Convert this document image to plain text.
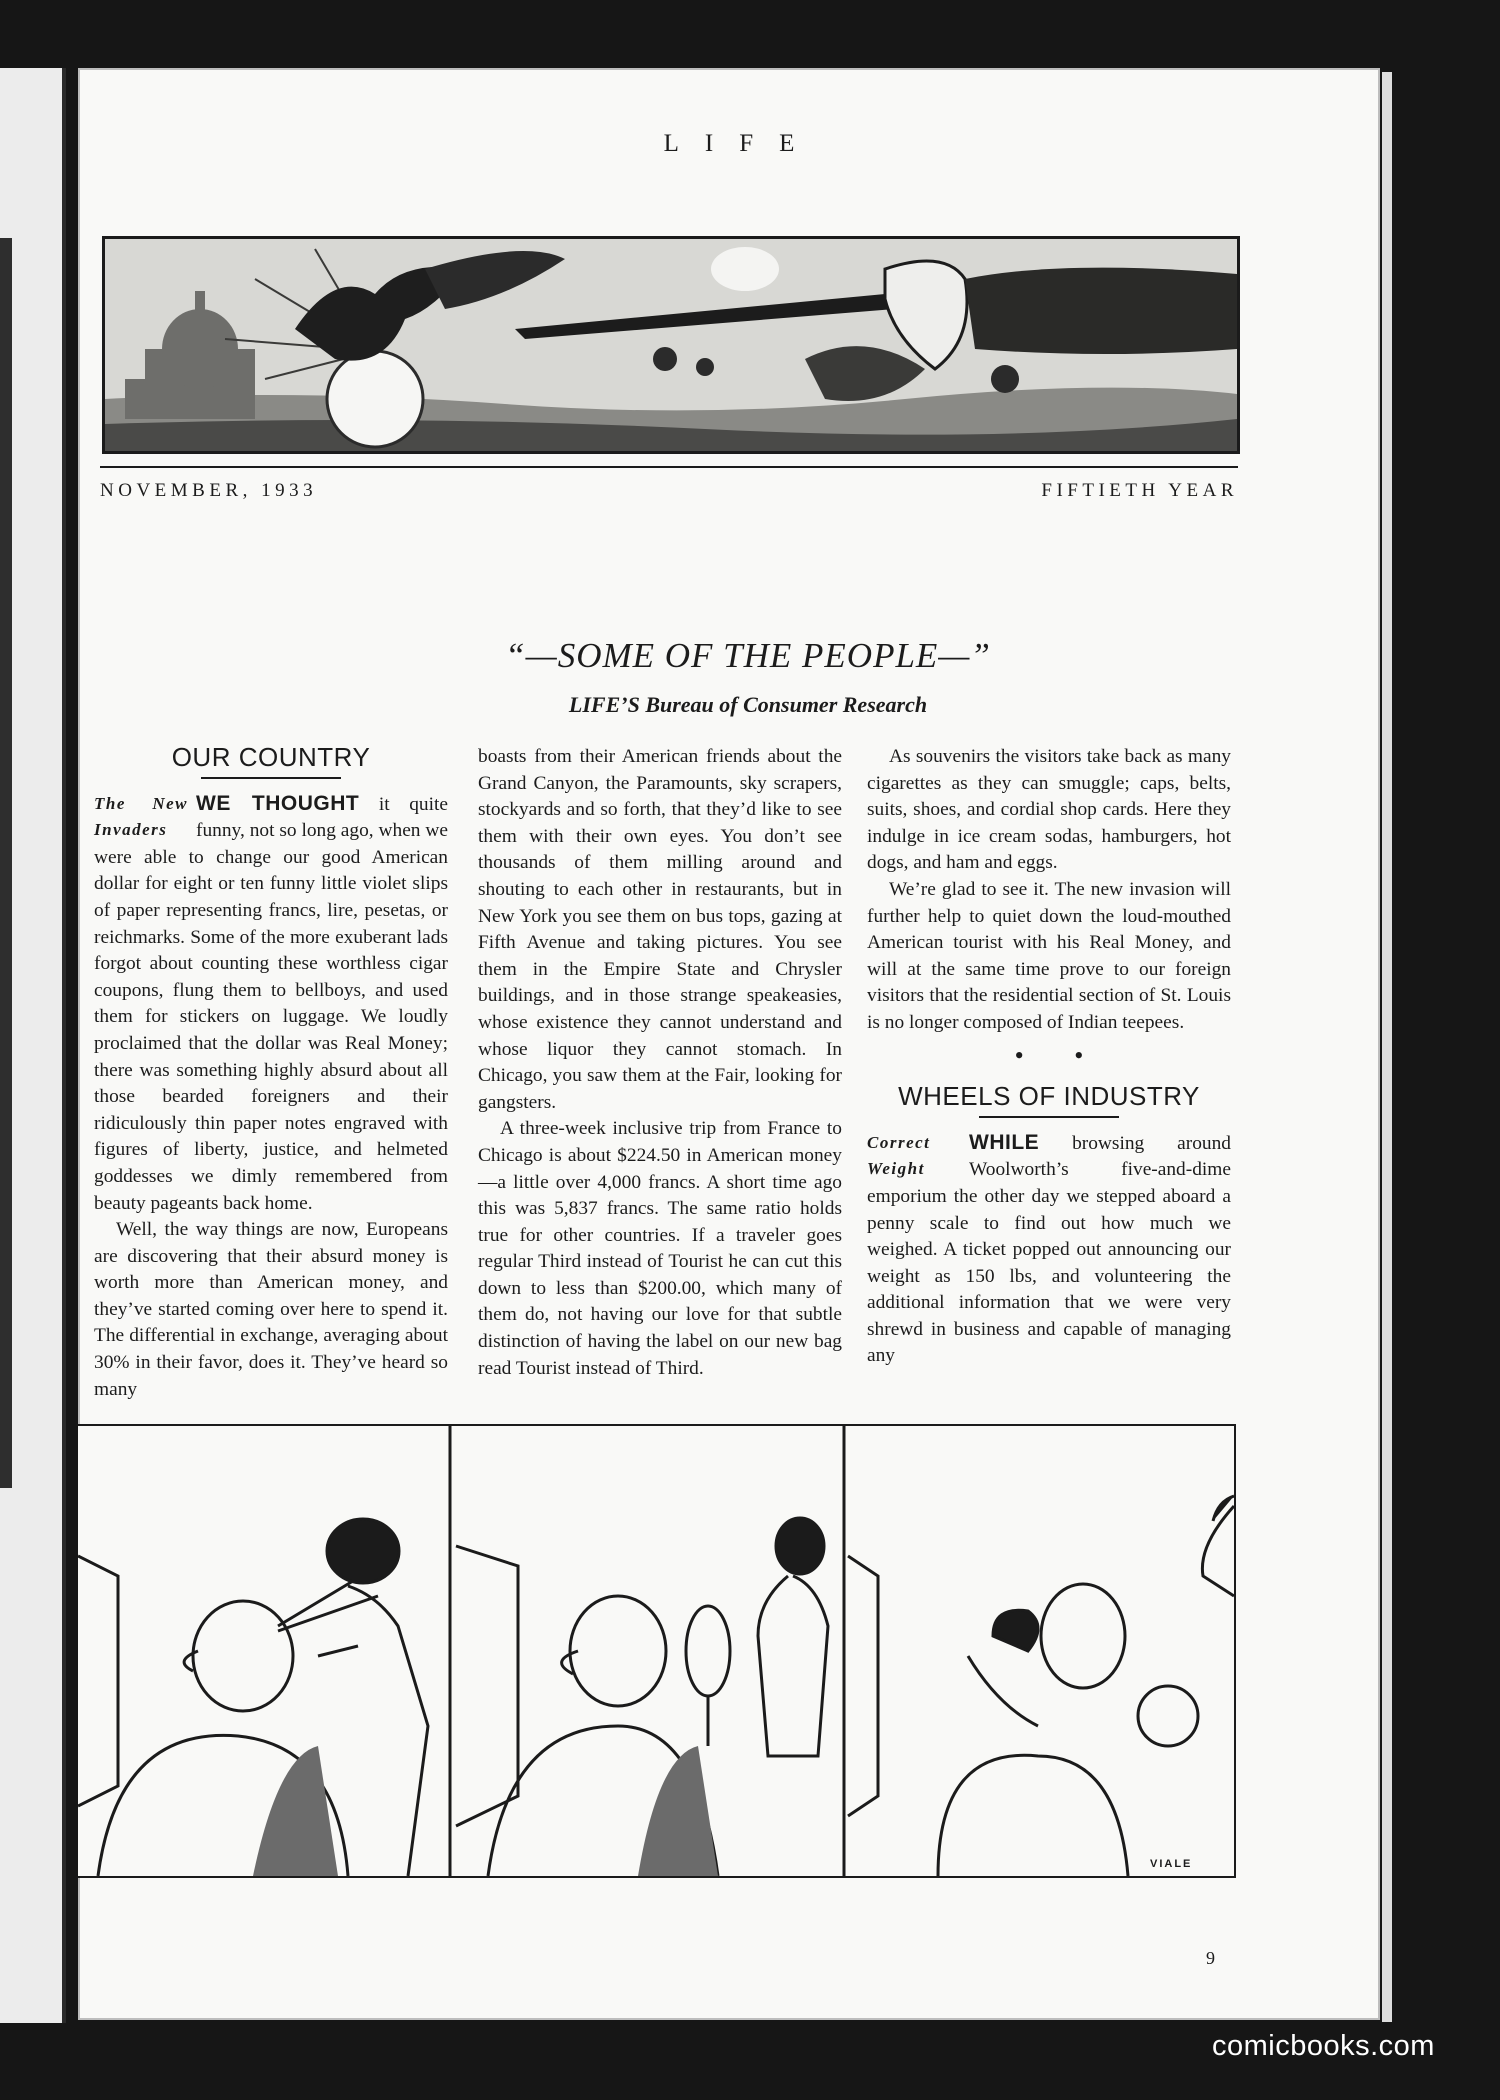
LIFE
NOVEMBER, 1933	FIFTIETH YEAR
“—SOME OF THE PEOPLE—”
LIFE’S Bureau of Consumer Research
OUR COUNTRY

The New Invaders
WE THOUGHT it quite funny, not so long ago, when we were able to change our good American dollar for eight or ten funny little violet slips of paper representing francs, lire, pesetas, or reichmarks. Some of the more exuberant lads forgot about counting these worthless cigar coupons, flung them to bellboys, and used them for stickers on luggage. We loudly proclaimed that the dollar was Real Money; there was something highly absurd about all those bearded foreigners and their ridiculously thin paper notes engraved with figures of liberty, justice, and helmeted goddesses we dimly remembered from beauty pageants back home.

Well, the way things are now, Europeans are discovering that their absurd money is worth more than American money, and they’ve started coming over here to spend it. The differential in exchange, averaging about 30% in their favor, does it. They’ve heard so many

boasts from their American friends about the Grand Canyon, the Paramounts, sky scrapers, stockyards and so forth, that they’d like to see them with their own eyes. You don’t see thousands of them milling around and shouting to each other in restaurants, but in New York you see them on bus tops, gazing at Fifth Avenue and taking pictures. You see them in the Empire State and Chrysler buildings, and in those strange speakeasies, whose existence they cannot understand and whose liquor they cannot stomach. In Chicago, you saw them at the Fair, looking for gangsters.

A three-week inclusive trip from France to Chicago is about $224.50 in American money—a little over 4,000 francs. A short time ago this was 5,837 francs. The same ratio holds true for other countries. If a traveler goes regular Third instead of Tourist he can cut this down to less than $200.00, which many of them do, not having our love for that subtle distinction of having the label on our new bag read Tourist instead of Third.

As souvenirs the visitors take back as many cigarettes as they can smuggle; caps, belts, suits, shoes, and cordial shop cards. Here they indulge in ice cream sodas, hamburgers, hot dogs, and ham and eggs.

We’re glad to see it. The new invasion will further help to quiet down the loud-mouthed American tourist with his Real Money, and will at the same time prove to our foreign visitors that the residential section of St. Louis is no longer composed of Indian teepees.

• •
WHEELS OF INDUSTRY

Correct Weight
WHILE browsing around Woolworth’s five-and-dime emporium the other day we stepped aboard a penny scale to find out how much we weighed. A ticket popped out announcing our weight as 150 lbs, and volunteering the additional information that we were very shrewd in business and capable of managing any

VIALE
9
comicbooks.com
